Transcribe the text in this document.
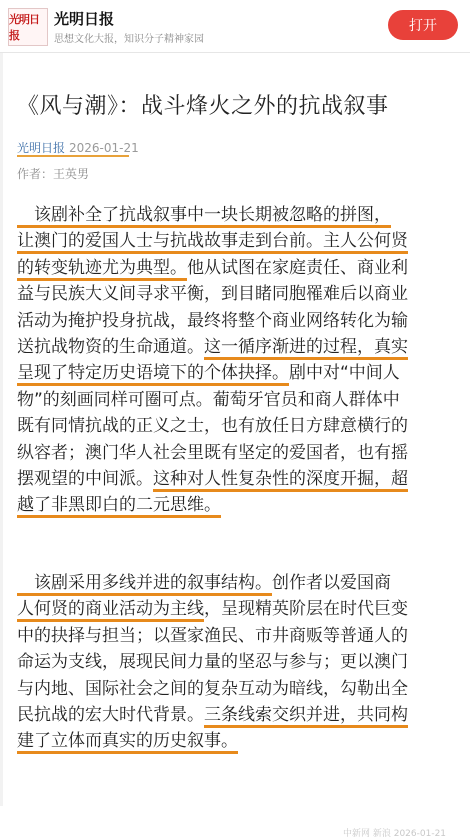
光明日报
光明日报
思想文化大报，知识分子精神家园
打开
《风与潮》：战斗烽火之外的抗战叙事
光明日报 2026-01-21
作者：王英男
　该剧补全了抗战叙事中一块长期被忽略的拼图，
让澳门的爱国人士与抗战故事走到台前。主人公何贤
的转变轨迹尤为典型。他从试图在家庭责任、商业利
益与民族大义间寻求平衡，到目睹同胞罹难后以商业
活动为掩护投身抗战，最终将整个商业网络转化为输
送抗战物资的生命通道。这一循序渐进的过程，真实
呈现了特定历史语境下的个体抉择。剧中对“中间人
物”的刻画同样可圈可点。葡萄牙官员和商人群体中
既有同情抗战的正义之士，也有放任日方肆意横行的
纵容者；澳门华人社会里既有坚定的爱国者，也有摇
摆观望的中间派。这种对人性复杂性的深度开掘，超
越了非黑即白的二元思维。
　该剧采用多线并进的叙事结构。创作者以爱国商
人何贤的商业活动为主线，呈现精英阶层在时代巨变
中的抉择与担当；以疍家渔民、市井商贩等普通人的
命运为支线，展现民间力量的坚忍与参与；更以澳门
与内地、国际社会之间的复杂互动为暗线，勾勒出全
民抗战的宏大时代背景。三条线索交织并进，共同构
建了立体而真实的历史叙事。
中新网 新浪 2026-01-21
